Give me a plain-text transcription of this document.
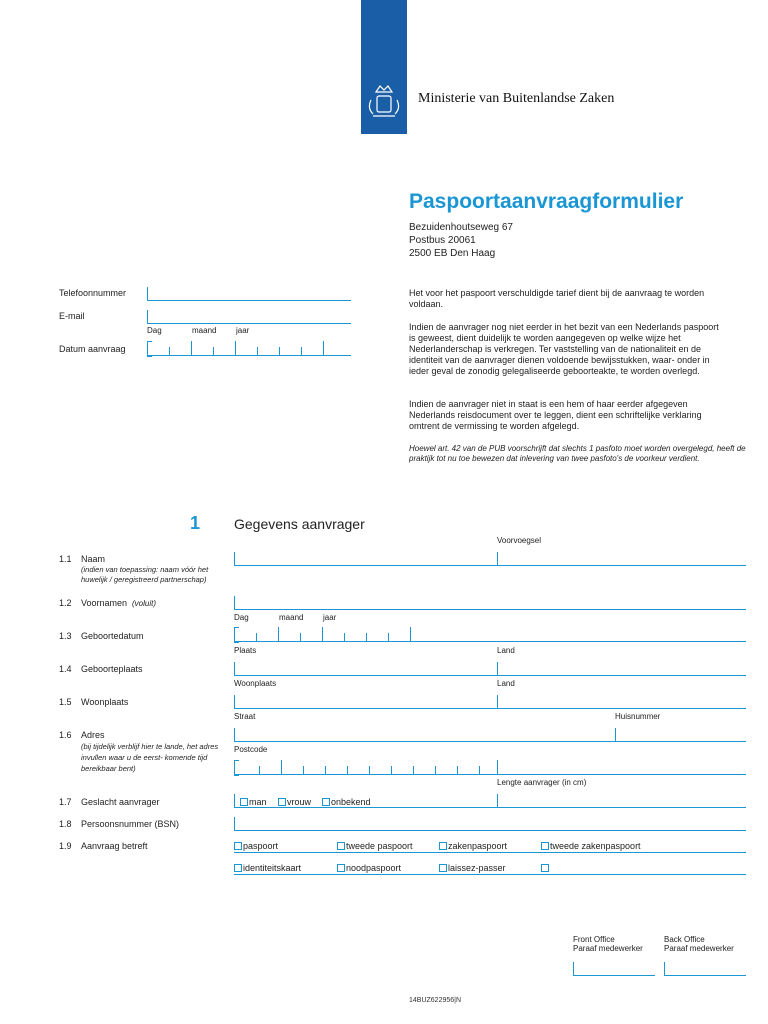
Ministerie van Buitenlandse Zaken
Paspoortaanvraagformulier
Bezuidenhoutseweg 67
Postbus 20061
2500 EB Den Haag
Telefoonnummer
E-mail
Dag	maand jaar
Datum aanvraag
Het voor het paspoort verschuldigde tarief dient bij de aanvraag te worden voldaan.
Indien de aanvrager nog niet eerder in het bezit van een Nederlands paspoort is geweest, dient duidelijk te worden aangegeven op welke wijze het Nederlanderschap is verkregen. Ter vaststelling van de nationaliteit en de identiteit van de aanvrager dienen voldoende bewijsstukken, waar- onder in ieder geval de zonodig gelegaliseerde geboorteakte, te worden overlegd.
Indien de aanvrager niet in staat is een hem of haar eerder afgegeven Nederlands reisdocument over te leggen, dient een schriftelijke verklaring omtrent de vermissing te worden afgelegd.
Hoewel art. 42 van de PUB voorschrijft dat slechts 1 pasfoto moet worden overgelegd, heeft de praktijk tot nu toe bewezen dat inlevering van twee pasfoto's de voorkeur verdient.
1 Gegevens aanvrager
Voorvoegsel
1.1 Naam
(indien van toepassing: naam vóór het huwelijk / geregistreerd partnerschap)
1.2 Voornamen (voluit)
Dag	maand jaar
1.3 Geboortedatum
Plaats	Land
1.4 Geboorteplaats
Woonplaats	Land
1.5 Woonplaats
Straat	Huisnummer
1.6 Adres
(bij tijdelijk verblijf hier te lande, het adres invullen waar u de eerst- komende tijd bereikbaar bent)
Postcode
Lengte aanvrager (in cm)
1.7 Geslacht aanvrager	man vrouw onbekend
1.8 Persoonsnummer (BSN)
1.9 Aanvraag betreft	paspoort	tweede paspoort	zakenpaspoort	tweede zakenpaspoort
identiteitskaart	noodpaspoort	laissez-passer
Front Office
Paraaf medewerker
Back Office
Paraaf medewerker
14BUZ622956|N
